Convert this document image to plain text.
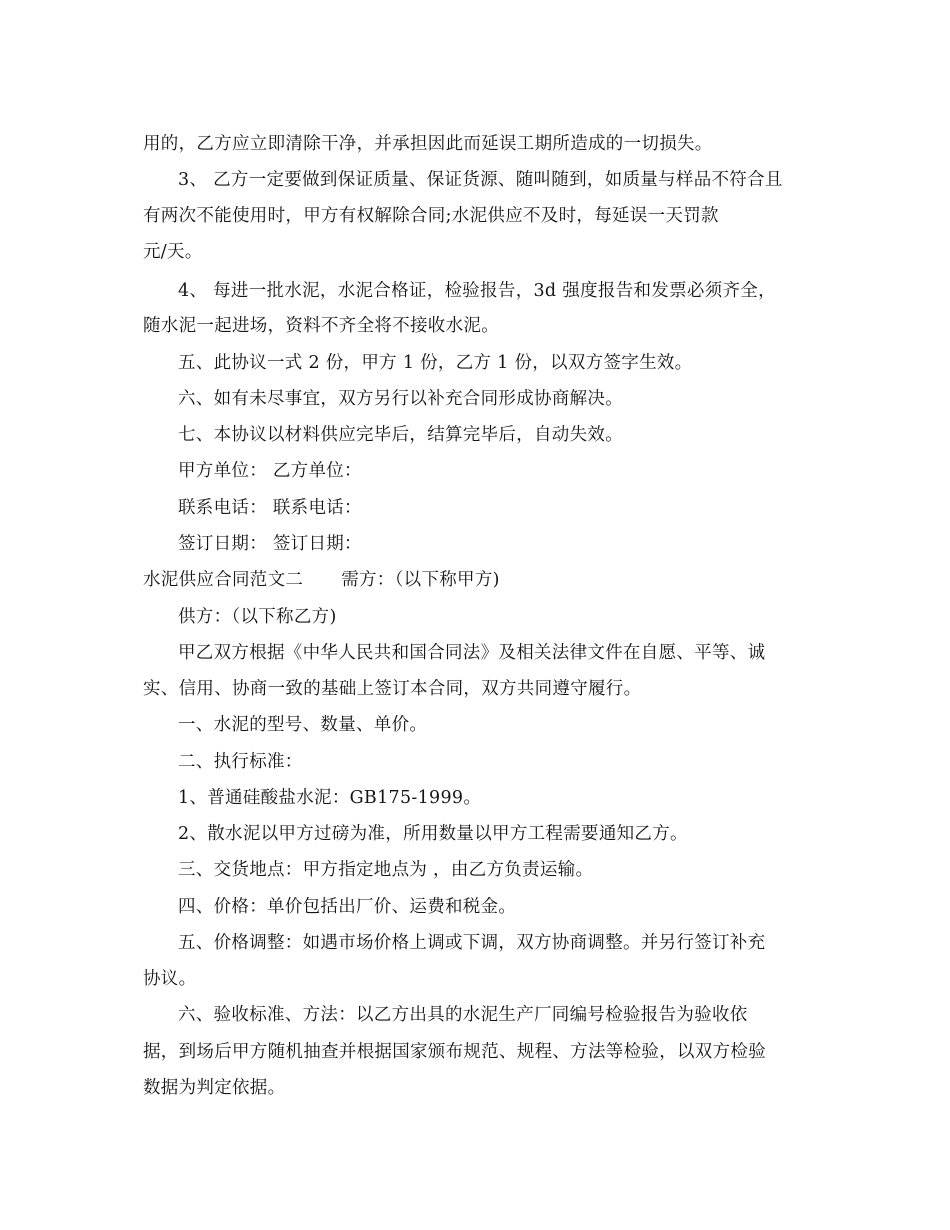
用的，乙方应立即清除干净，并承担因此而延误工期所造成的一切损失。

3、 乙方一定要做到保证质量、保证货源、随叫随到，如质量与样品不符合且

有两次不能使用时，甲方有权解除合同;水泥供应不及时，每延误一天罚款

元/天。

4、 每进一批水泥，水泥合格证，检验报告，3d 强度报告和发票必须齐全，

随水泥一起进场，资料不齐全将不接收水泥。

五、此协议一式 2 份，甲方 1 份，乙方 1 份，以双方签字生效。

六、如有未尽事宜，双方另行以补充合同形成协商解决。

七、本协议以材料供应完毕后，结算完毕后，自动失效。

甲方单位： 乙方单位：

联系电话： 联系电话：

签订日期： 签订日期：

水泥供应合同范文二 需方：（以下称甲方)

供方：（以下称乙方)

甲乙双方根据《中华人民共和国合同法》及相关法律文件在自愿、平等、诚

实、信用、协商一致的基础上签订本合同，双方共同遵守履行。

一、水泥的型号、数量、单价。

二、执行标准：

1、普通硅酸盐水泥：GB175-1999。

2、散水泥以甲方过磅为准，所用数量以甲方工程需要通知乙方。

三、交货地点：甲方指定地点为 ，由乙方负责运输。

四、价格：单价包括出厂价、运费和税金。

五、价格调整：如遇市场价格上调或下调，双方协商调整。并另行签订补充

协议。

六、验收标准、方法：以乙方出具的水泥生产厂同编号检验报告为验收依

据，到场后甲方随机抽查并根据国家颁布规范、规程、方法等检验，以双方检验

数据为判定依据。
